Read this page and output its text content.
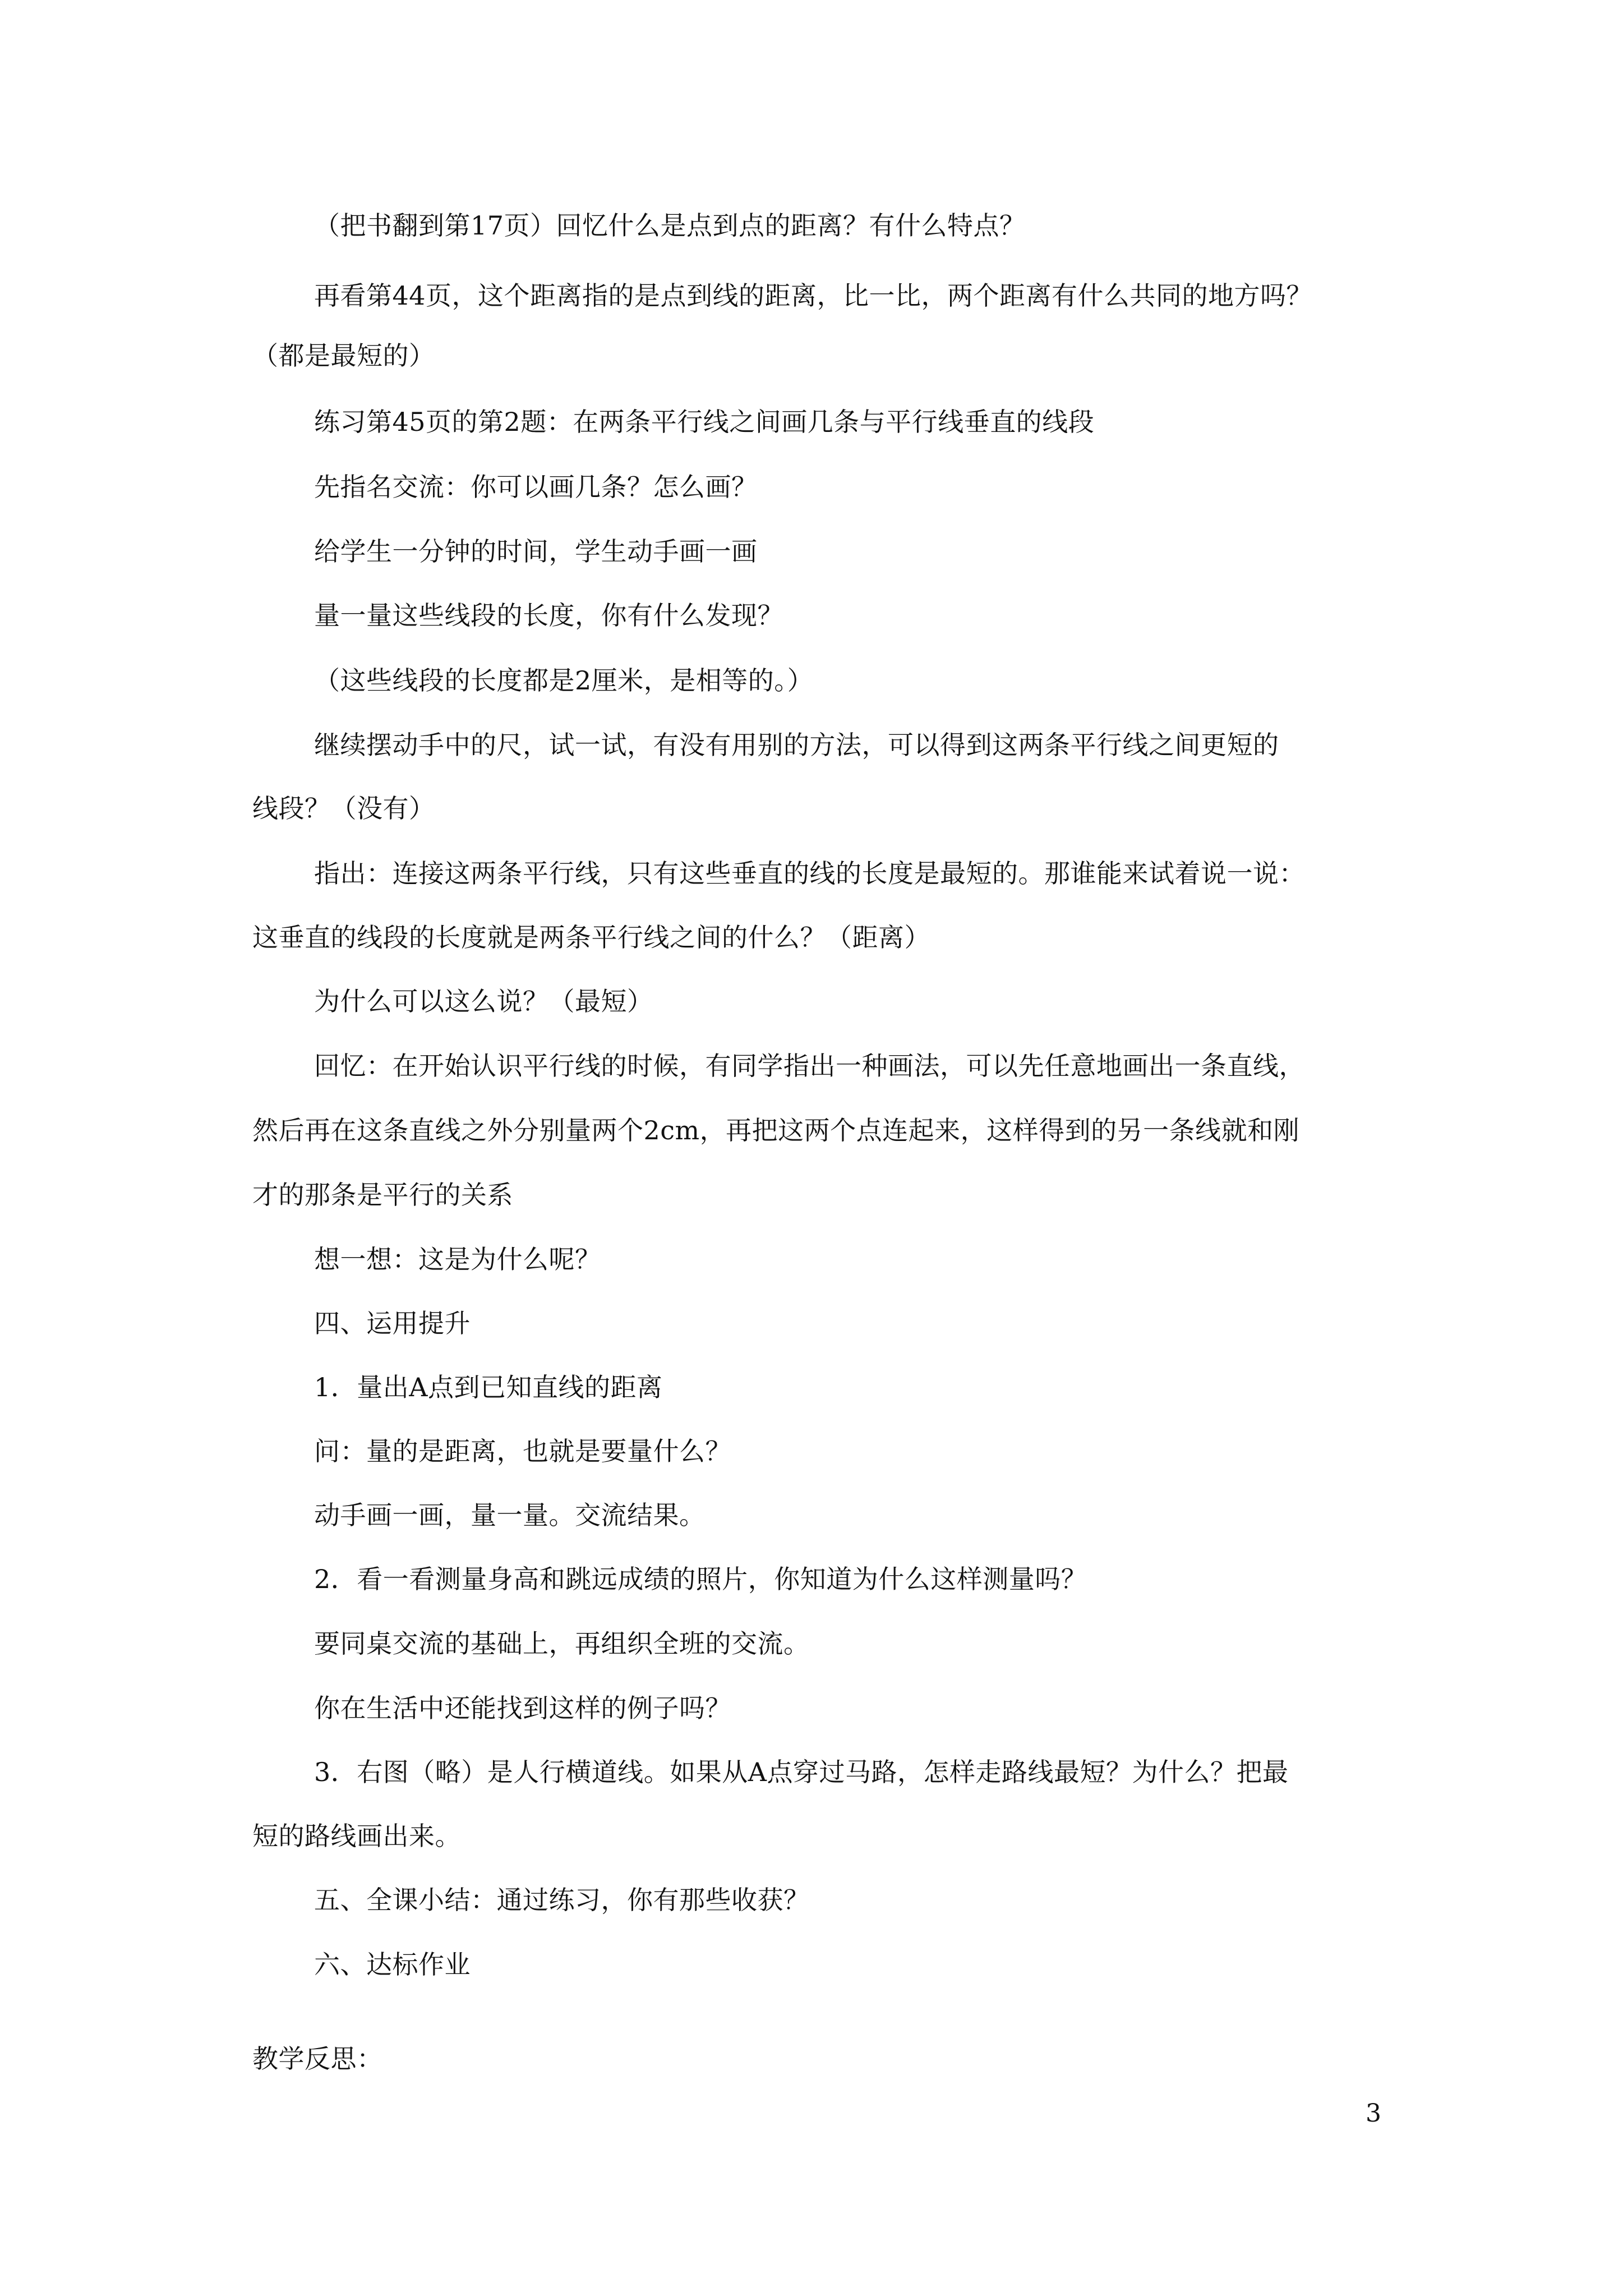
（把书翻到第17页）回忆什么是点到点的距离？有什么特点？
再看第44页，这个距离指的是点到线的距离，比一比，两个距离有什么共同的地方吗？
（都是最短的）
练习第45页的第2题：在两条平行线之间画几条与平行线垂直的线段
先指名交流：你可以画几条？怎么画？
给学生一分钟的时间，学生动手画一画
量一量这些线段的长度，你有什么发现？
（这些线段的长度都是2厘米，是相等的。）
继续摆动手中的尺，试一试，有没有用别的方法，可以得到这两条平行线之间更短的
线段？（没有）
指出：连接这两条平行线，只有这些垂直的线的长度是最短的。那谁能来试着说一说：
这垂直的线段的长度就是两条平行线之间的什么？（距离）
为什么可以这么说？（最短）
回忆：在开始认识平行线的时候，有同学指出一种画法，可以先任意地画出一条直线，
然后再在这条直线之外分别量两个2cm，再把这两个点连起来，这样得到的另一条线就和刚
才的那条是平行的关系
想一想：这是为什么呢？
四、运用提升
1．量出A点到已知直线的距离
问：量的是距离，也就是要量什么？
动手画一画，量一量。交流结果。
2．看一看测量身高和跳远成绩的照片，你知道为什么这样测量吗？
要同桌交流的基础上，再组织全班的交流。
你在生活中还能找到这样的例子吗？
3．右图（略）是人行横道线。如果从A点穿过马路，怎样走路线最短？为什么？把最
短的路线画出来。
五、全课小结：通过练习，你有那些收获？
六、达标作业
教学反思：
3
